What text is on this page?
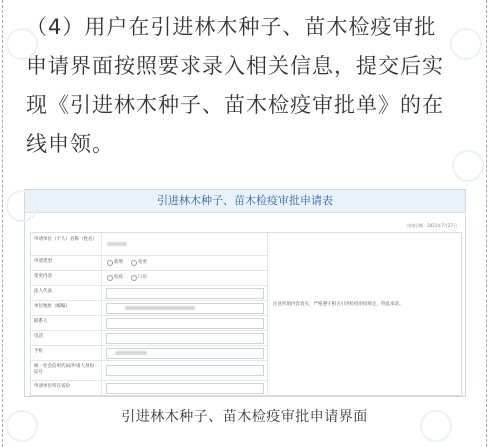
（4）用户在引进林木种子、苗木检疫审批
申请界面按照要求录入相关信息，提交后实
现《引进林木种子、苗木检疫审批单》的在
线申领。
引进林木种子、苗木检疫审批申请表
申请日期：2021年7月27日
申请单位（个人）名称（姓名）
申请类型	新增	变更
变更内容	检疫	口岸
法人代表
单位地址（邮编）
联系人
电话
手机
统一社会信用代码/申请人身份证号
申请单位所在省份
注意所填内容真实，严格遵守相关引进检疫审批规定，特此承诺。
引进林木种子、苗木检疫审批申请界面
